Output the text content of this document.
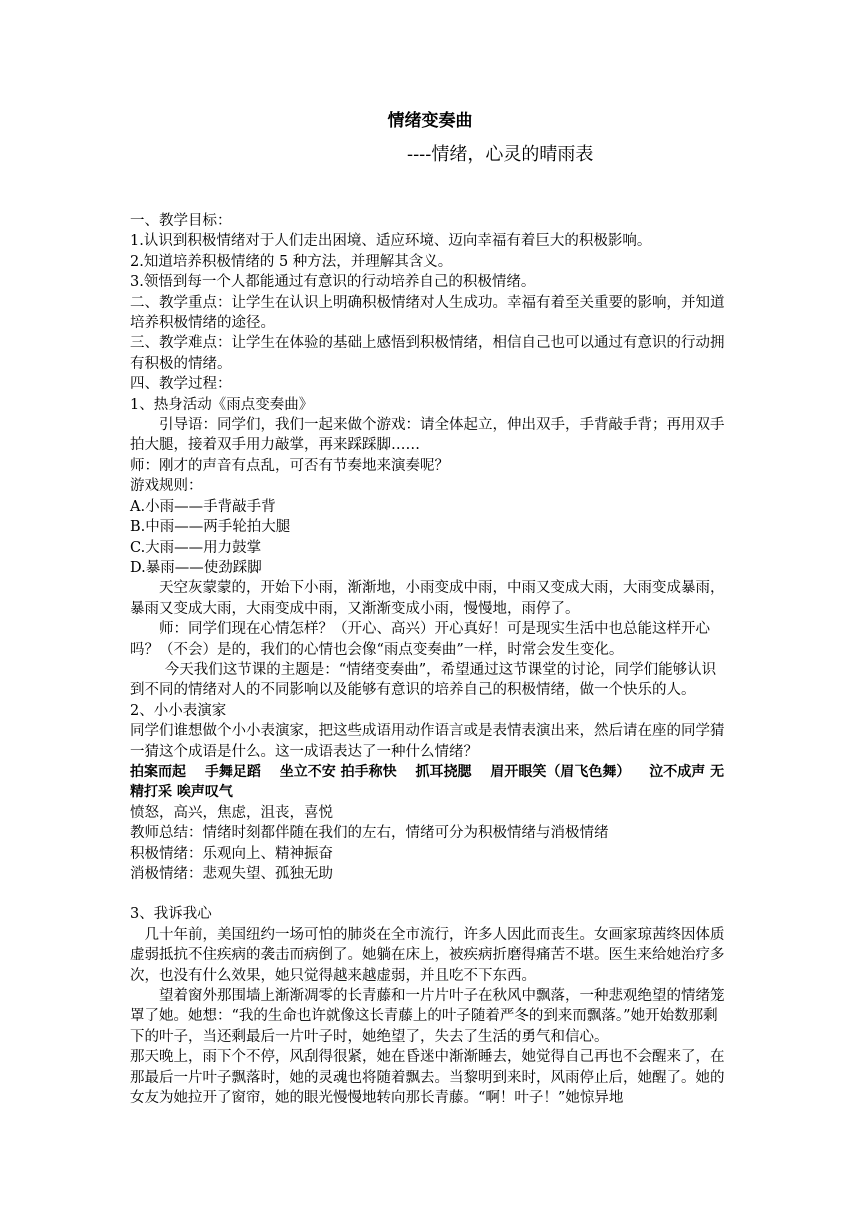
情绪变奏曲
----情绪，心灵的晴雨表

一、教学目标：

1.认识到积极情绪对于人们走出困境、适应环境、迈向幸福有着巨大的积极影响。

2.知道培养积极情绪的 5 种方法，并理解其含义。

3.领悟到每一个人都能通过有意识的行动培养自己的积极情绪。

二、教学重点：让学生在认识上明确积极情绪对人生成功。幸福有着至关重要的影响，并知道培养积极情绪的途径。

三、教学难点：让学生在体验的基础上感悟到积极情绪，相信自己也可以通过有意识的行动拥有积极的情绪。

四、教学过程：

1、热身活动《雨点变奏曲》

引导语：同学们，我们一起来做个游戏：请全体起立，伸出双手，手背敲手背；再用双手拍大腿，接着双手用力敲掌，再来踩踩脚……

师：刚才的声音有点乱，可否有节奏地来演奏呢？

游戏规则：

A.小雨——手背敲手背

B.中雨——两手轮拍大腿

C.大雨——用力鼓掌

D.暴雨——使劲踩脚

天空灰蒙蒙的，开始下小雨，渐渐地，小雨变成中雨，中雨又变成大雨，大雨变成暴雨，暴雨又变成大雨，大雨变成中雨，又渐渐变成小雨，慢慢地，雨停了。

师：同学们现在心情怎样？（开心、高兴）开心真好！可是现实生活中也总能这样开心吗？（不会）是的，我们的心情也会像“雨点变奏曲”一样，时常会发生变化。

今天我们这节课的主题是：“情绪变奏曲”，希望通过这节课堂的讨论，同学们能够认识到不同的情绪对人的不同影响以及能够有意识的培养自己的积极情绪，做一个快乐的人。

2、小小表演家

同学们谁想做个小小表演家，把这些成语用动作语言或是表情表演出来，然后请在座的同学猜一猜这个成语是什么。这一成语表达了一种什么情绪？

拍案而起 手舞足蹈 坐立不安 拍手称快 抓耳挠腮 眉开眼笑（眉飞色舞） 泣不成声 无精打采 唉声叹气

愤怒，高兴，焦虑，沮丧，喜悦

教师总结：情绪时刻都伴随在我们的左右，情绪可分为积极情绪与消极情绪

积极情绪：乐观向上、精神振奋

消极情绪：悲观失望、孤独无助

3、我诉我心

几十年前，美国纽约一场可怕的肺炎在全市流行，许多人因此而丧生。女画家琼茜终因体质虚弱抵抗不住疾病的袭击而病倒了。她躺在床上，被疾病折磨得痛苦不堪。医生来给她治疗多次，也没有什么效果，她只觉得越来越虚弱，并且吃不下东西。

望着窗外那围墙上渐渐凋零的长青藤和一片片叶子在秋风中飘落，一种悲观绝望的情绪笼罩了她。她想：“我的生命也许就像这长青藤上的叶子随着严冬的到来而飘落。”她开始数那剩下的叶子，当还剩最后一片叶子时，她绝望了，失去了生活的勇气和信心。

那天晚上，雨下个不停，风刮得很紧，她在昏迷中渐渐睡去，她觉得自己再也不会醒来了，在那最后一片叶子飘落时，她的灵魂也将随着飘去。当黎明到来时，风雨停止后，她醒了。她的女友为她拉开了窗帘，她的眼光慢慢地转向那长青藤。“啊！叶子！”她惊异地
